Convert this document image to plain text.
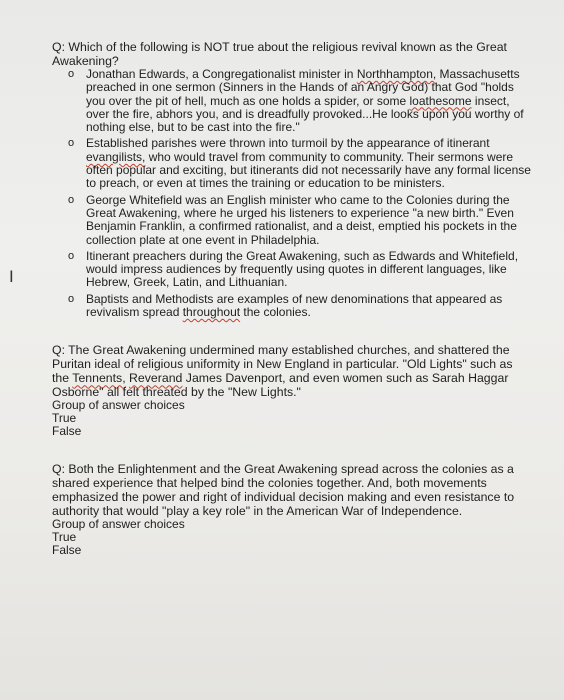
I

Q: Which of the following is NOT true about the religious revival known as the Great Awakening?

o Jonathan Edwards, a Congregationalist minister in Northhampton, Massachusetts preached in one sermon (Sinners in the Hands of an Angry God) that God "holds you over the pit of hell, much as one holds a spider, or some loathesome insect, over the fire, abhors you, and is dreadfully provoked...He looks upon you worthy of nothing else, but to be cast into the fire."
o Established parishes were thrown into turmoil by the appearance of itinerant evangilists, who would travel from community to community. Their sermons were often popular and exciting, but itinerants did not necessarily have any formal license to preach, or even at times the training or education to be ministers.
o George Whitefield was an English minister who came to the Colonies during the Great Awakening, where he urged his listeners to experience "a new birth." Even Benjamin Franklin, a confirmed rationalist, and a deist, emptied his pockets in the collection plate at one event in Philadelphia.
o Itinerant preachers during the Great Awakening, such as Edwards and Whitefield, would impress audiences by frequently using quotes in different languages, like Hebrew, Greek, Latin, and Lithuanian.
o Baptists and Methodists are examples of new denominations that appeared as revivalism spread throughout the colonies.

Q: The Great Awakening undermined many established churches, and shattered the Puritan ideal of religious uniformity in New England in particular. "Old Lights" such as the Tennents, Reverand James Davenport, and even women such as Sarah Haggar Osborne" all felt threated by the "New Lights."

Group of answer choices

True

False

Q: Both the Enlightenment and the Great Awakening spread across the colonies as a shared experience that helped bind the colonies together. And, both movements emphasized the power and right of individual decision making and even resistance to authority that would "play a key role" in the American War of Independence.

Group of answer choices

True

False
